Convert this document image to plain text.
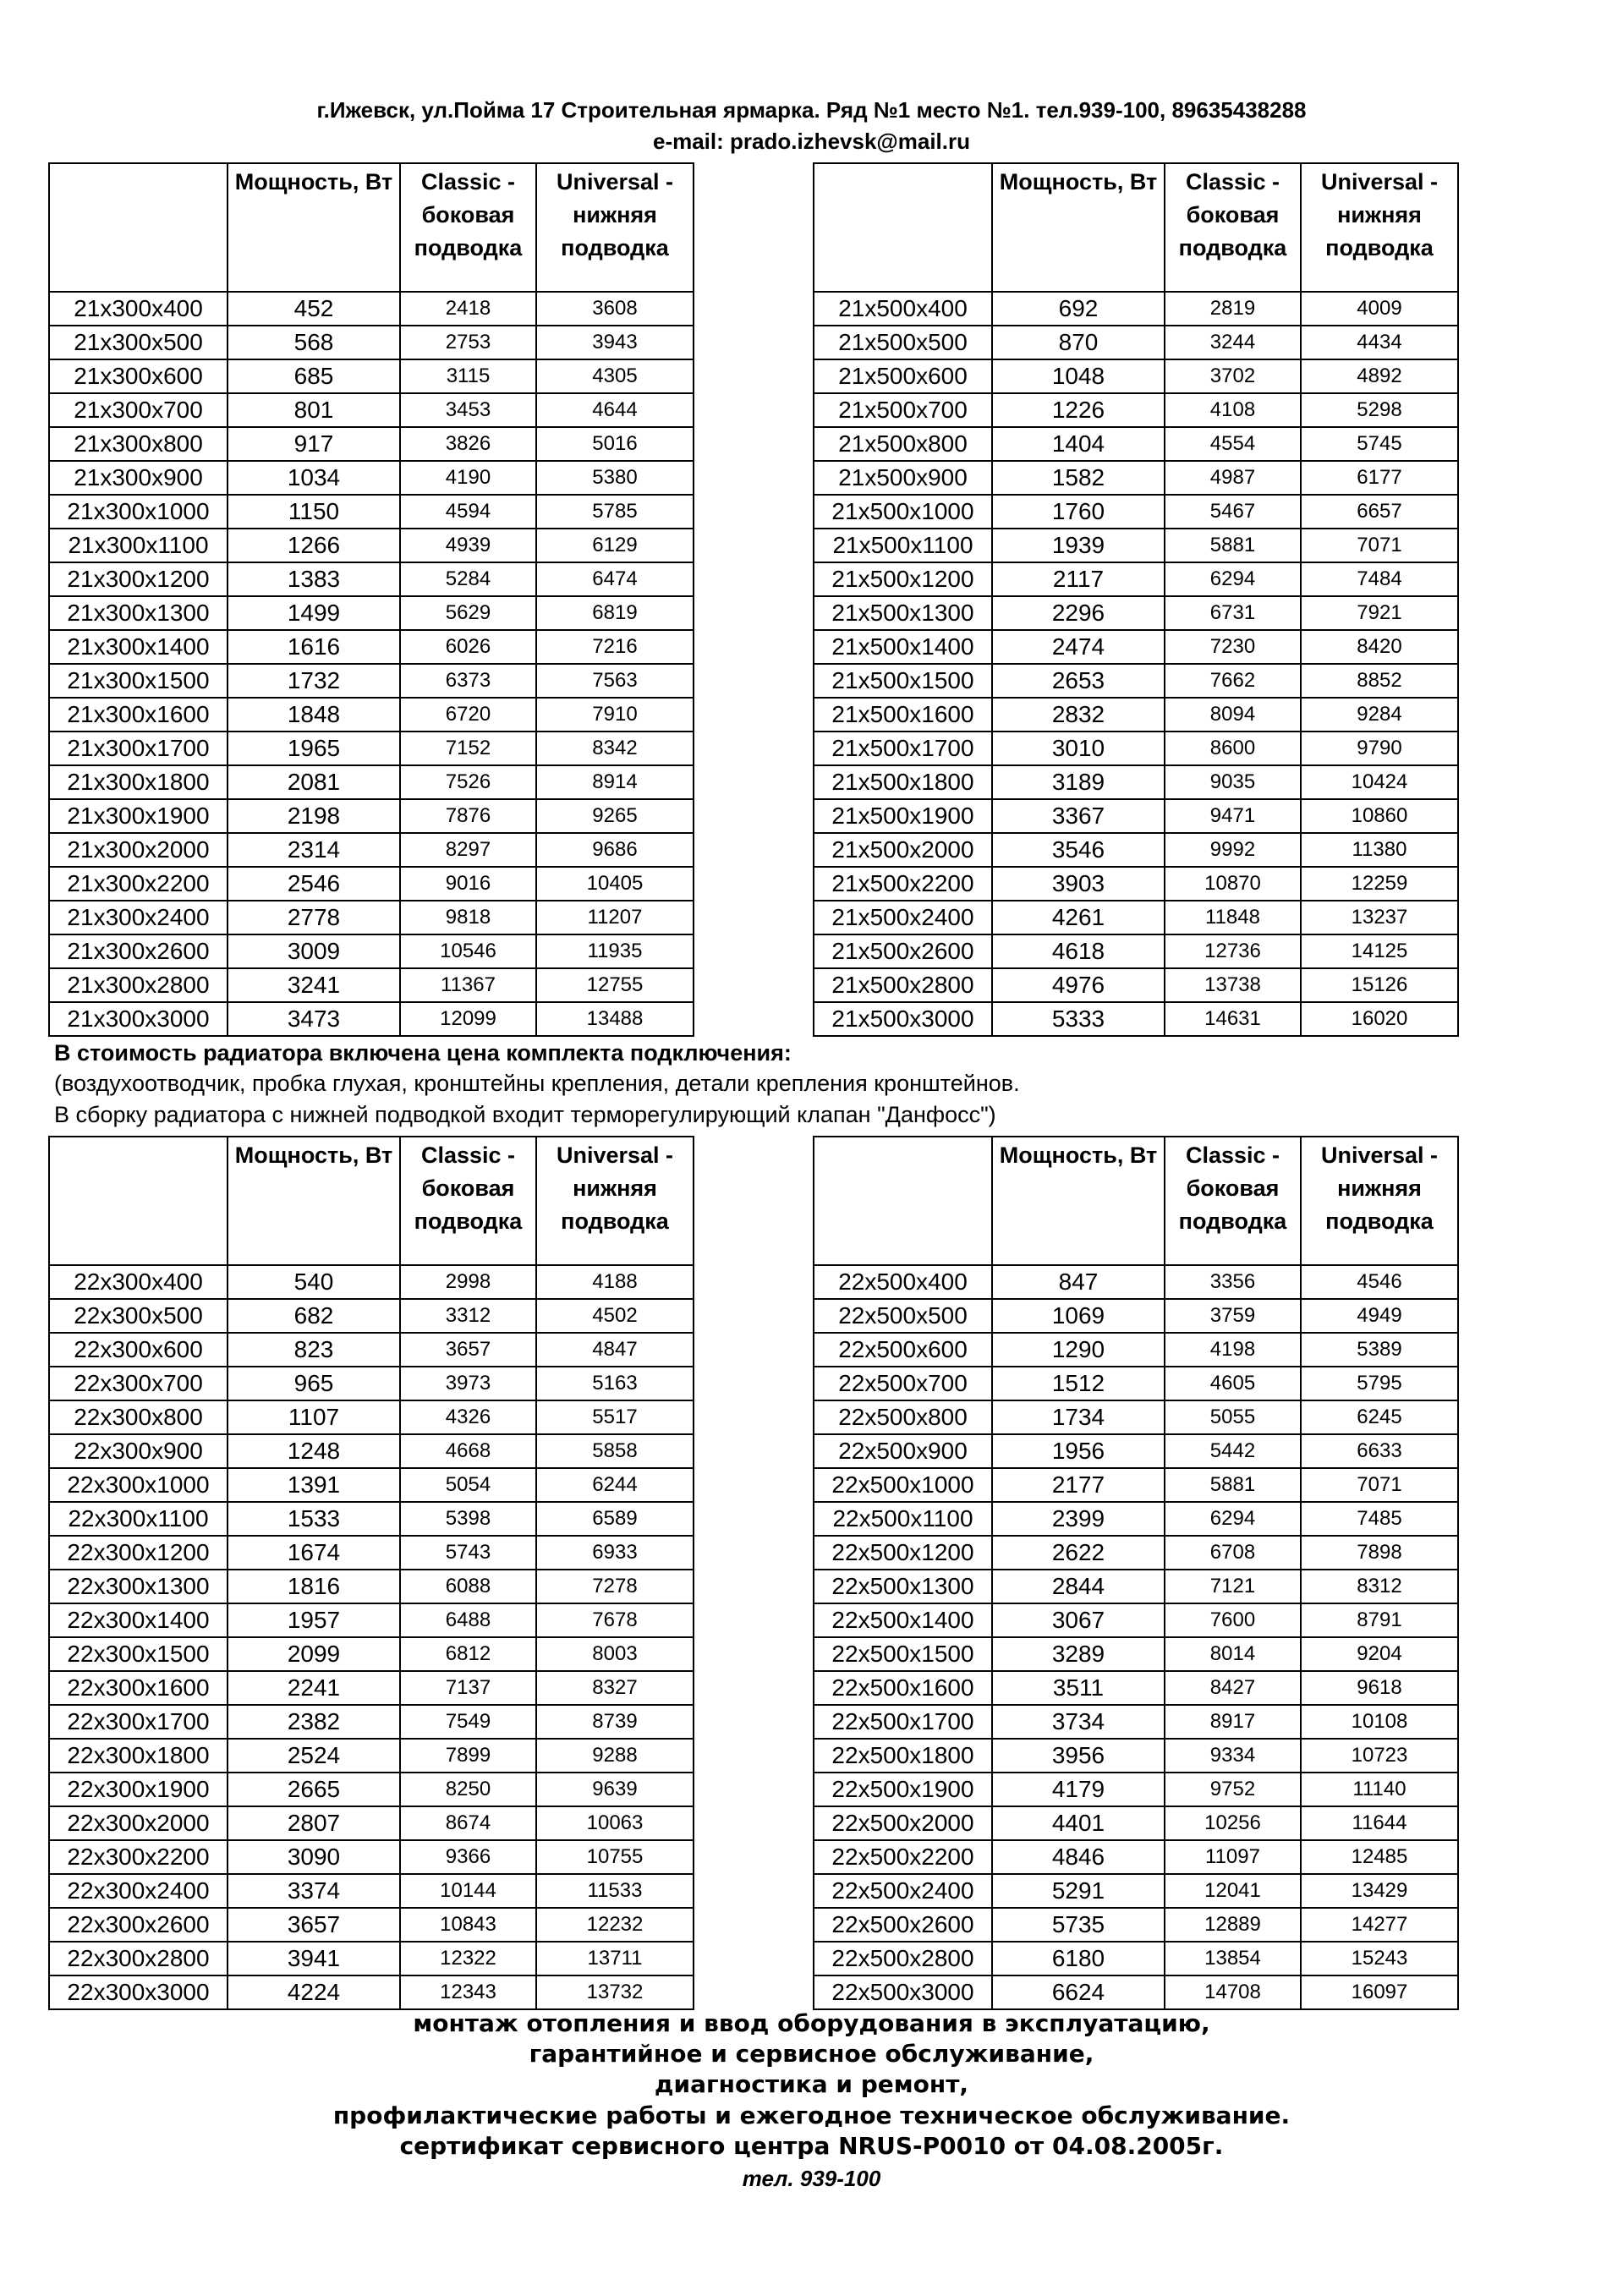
г.Ижевск, ул.Пойма 17 Строительная ярмарка. Ряд №1 место №1. тел.939-100, 89635438288
e-mail: prado.izhevsk@mail.ru
	Мощность, Вт	Classic - боковая подводка	Universal - нижняя подводка
21x300x400	452	2418	3608
21x300x500	568	2753	3943
21x300x600	685	3115	4305
21x300x700	801	3453	4644
21x300x800	917	3826	5016
21x300x900	1034	4190	5380
21x300x1000	1150	4594	5785
21x300x1100	1266	4939	6129
21x300x1200	1383	5284	6474
21x300x1300	1499	5629	6819
21x300x1400	1616	6026	7216
21x300x1500	1732	6373	7563
21x300x1600	1848	6720	7910
21x300x1700	1965	7152	8342
21x300x1800	2081	7526	8914
21x300x1900	2198	7876	9265
21x300x2000	2314	8297	9686
21x300x2200	2546	9016	10405
21x300x2400	2778	9818	11207
21x300x2600	3009	10546	11935
21x300x2800	3241	11367	12755
21x300x3000	3473	12099	13488
	Мощность, Вт	Classic - боковая подводка	Universal - нижняя подводка
21x500x400	692	2819	4009
21x500x500	870	3244	4434
21x500x600	1048	3702	4892
21x500x700	1226	4108	5298
21x500x800	1404	4554	5745
21x500x900	1582	4987	6177
21x500x1000	1760	5467	6657
21x500x1100	1939	5881	7071
21x500x1200	2117	6294	7484
21x500x1300	2296	6731	7921
21x500x1400	2474	7230	8420
21x500x1500	2653	7662	8852
21x500x1600	2832	8094	9284
21x500x1700	3010	8600	9790
21x500x1800	3189	9035	10424
21x500x1900	3367	9471	10860
21x500x2000	3546	9992	11380
21x500x2200	3903	10870	12259
21x500x2400	4261	11848	13237
21x500x2600	4618	12736	14125
21x500x2800	4976	13738	15126
21x500x3000	5333	14631	16020
В стоимость радиатора включена цена комплекта подключения:
(воздухоотводчик, пробка глухая, кронштейны крепления, детали крепления кронштейнов.
В сборку радиатора с нижней подводкой входит терморегулирующий клапан "Данфосс")
	Мощность, Вт	Classic - боковая подводка	Universal - нижняя подводка
22x300x400	540	2998	4188
22x300x500	682	3312	4502
22x300x600	823	3657	4847
22x300x700	965	3973	5163
22x300x800	1107	4326	5517
22x300x900	1248	4668	5858
22x300x1000	1391	5054	6244
22x300x1100	1533	5398	6589
22x300x1200	1674	5743	6933
22x300x1300	1816	6088	7278
22x300x1400	1957	6488	7678
22x300x1500	2099	6812	8003
22x300x1600	2241	7137	8327
22x300x1700	2382	7549	8739
22x300x1800	2524	7899	9288
22x300x1900	2665	8250	9639
22x300x2000	2807	8674	10063
22x300x2200	3090	9366	10755
22x300x2400	3374	10144	11533
22x300x2600	3657	10843	12232
22x300x2800	3941	12322	13711
22x300x3000	4224	12343	13732
	Мощность, Вт	Classic - боковая подводка	Universal - нижняя подводка
22x500x400	847	3356	4546
22x500x500	1069	3759	4949
22x500x600	1290	4198	5389
22x500x700	1512	4605	5795
22x500x800	1734	5055	6245
22x500x900	1956	5442	6633
22x500x1000	2177	5881	7071
22x500x1100	2399	6294	7485
22x500x1200	2622	6708	7898
22x500x1300	2844	7121	8312
22x500x1400	3067	7600	8791
22x500x1500	3289	8014	9204
22x500x1600	3511	8427	9618
22x500x1700	3734	8917	10108
22x500x1800	3956	9334	10723
22x500x1900	4179	9752	11140
22x500x2000	4401	10256	11644
22x500x2200	4846	11097	12485
22x500x2400	5291	12041	13429
22x500x2600	5735	12889	14277
22x500x2800	6180	13854	15243
22x500x3000	6624	14708	16097
монтаж отопления и ввод оборудования в эксплуатацию,
гарантийное и сервисное обслуживание,
диагностика и ремонт,
профилактические работы и ежегодное техническое обслуживание.
сертификат сервисного центра NRUS-P0010 от 04.08.2005г.
тел. 939-100
